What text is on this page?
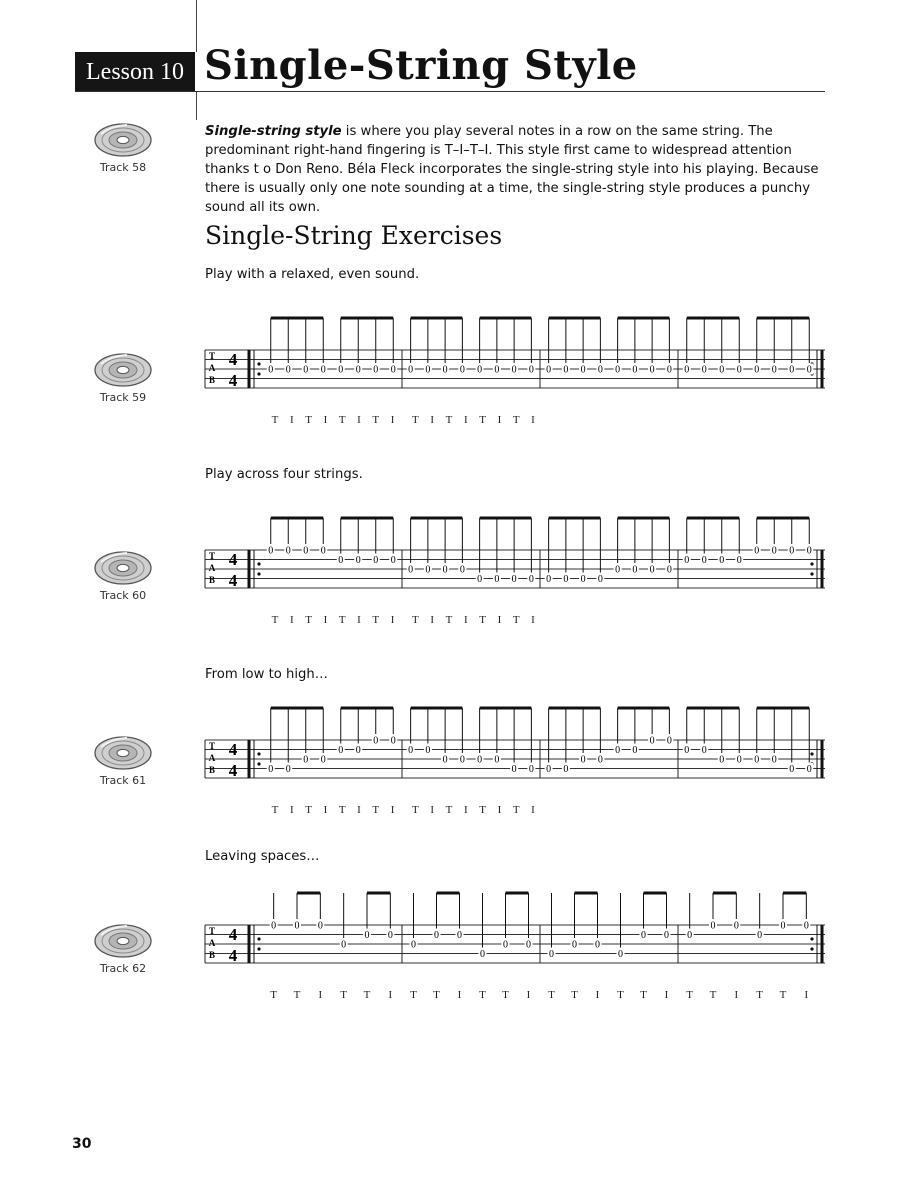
Lesson 10 Single-String Style
Track 58
Single-string style is where you play several notes in a row on the same string. The predominant right-hand fingering is T–I–T–I. This style first came to widespread attention thanks t o Don Reno. Béla Fleck incorporates the single-string style into his playing. Because there is usually only one note sounding at a time, the single-string style produces a punchy sound all its own.
Single-String Exercises
Play with a relaxed, even sound.
Play across four strings.
From low to high…
Leaving spaces…
Track 59
Track 60
Track 61
Track 62
T
A
B
4
4
0 0 0 0 0 0 0 0 0 0 0 0 0 0 0 0 0 0 0 0 0 0 0 0 0 0 0 0 0 0 0 0
T I T I T I T I T I T I T I T I
T
A
B
4
4
0 0 0 0
0 0 0 0
0 0 0 0
0 0 0 0 0 0 0 0
0 0 0 0
0 0 0 0
0 0 0 0
T I T I T I T I T I T I T I T I
T
A
B
4
4	0 0
0 0
0 0
0 0
0 0
0 0 0 0
0 0 0 0
0 0
0 0
0 0
0 0
0 0 0 0
0 0
T I T I T I T I T I T I T I T I
T
A
B
4
4
0 0 0
0
0 0
0
0 0
0
0 0
0
0 0
0
0 0 0
0 0
0
0 0
T T I T T I T T I T T I T T I T T I T T I T T I
30
